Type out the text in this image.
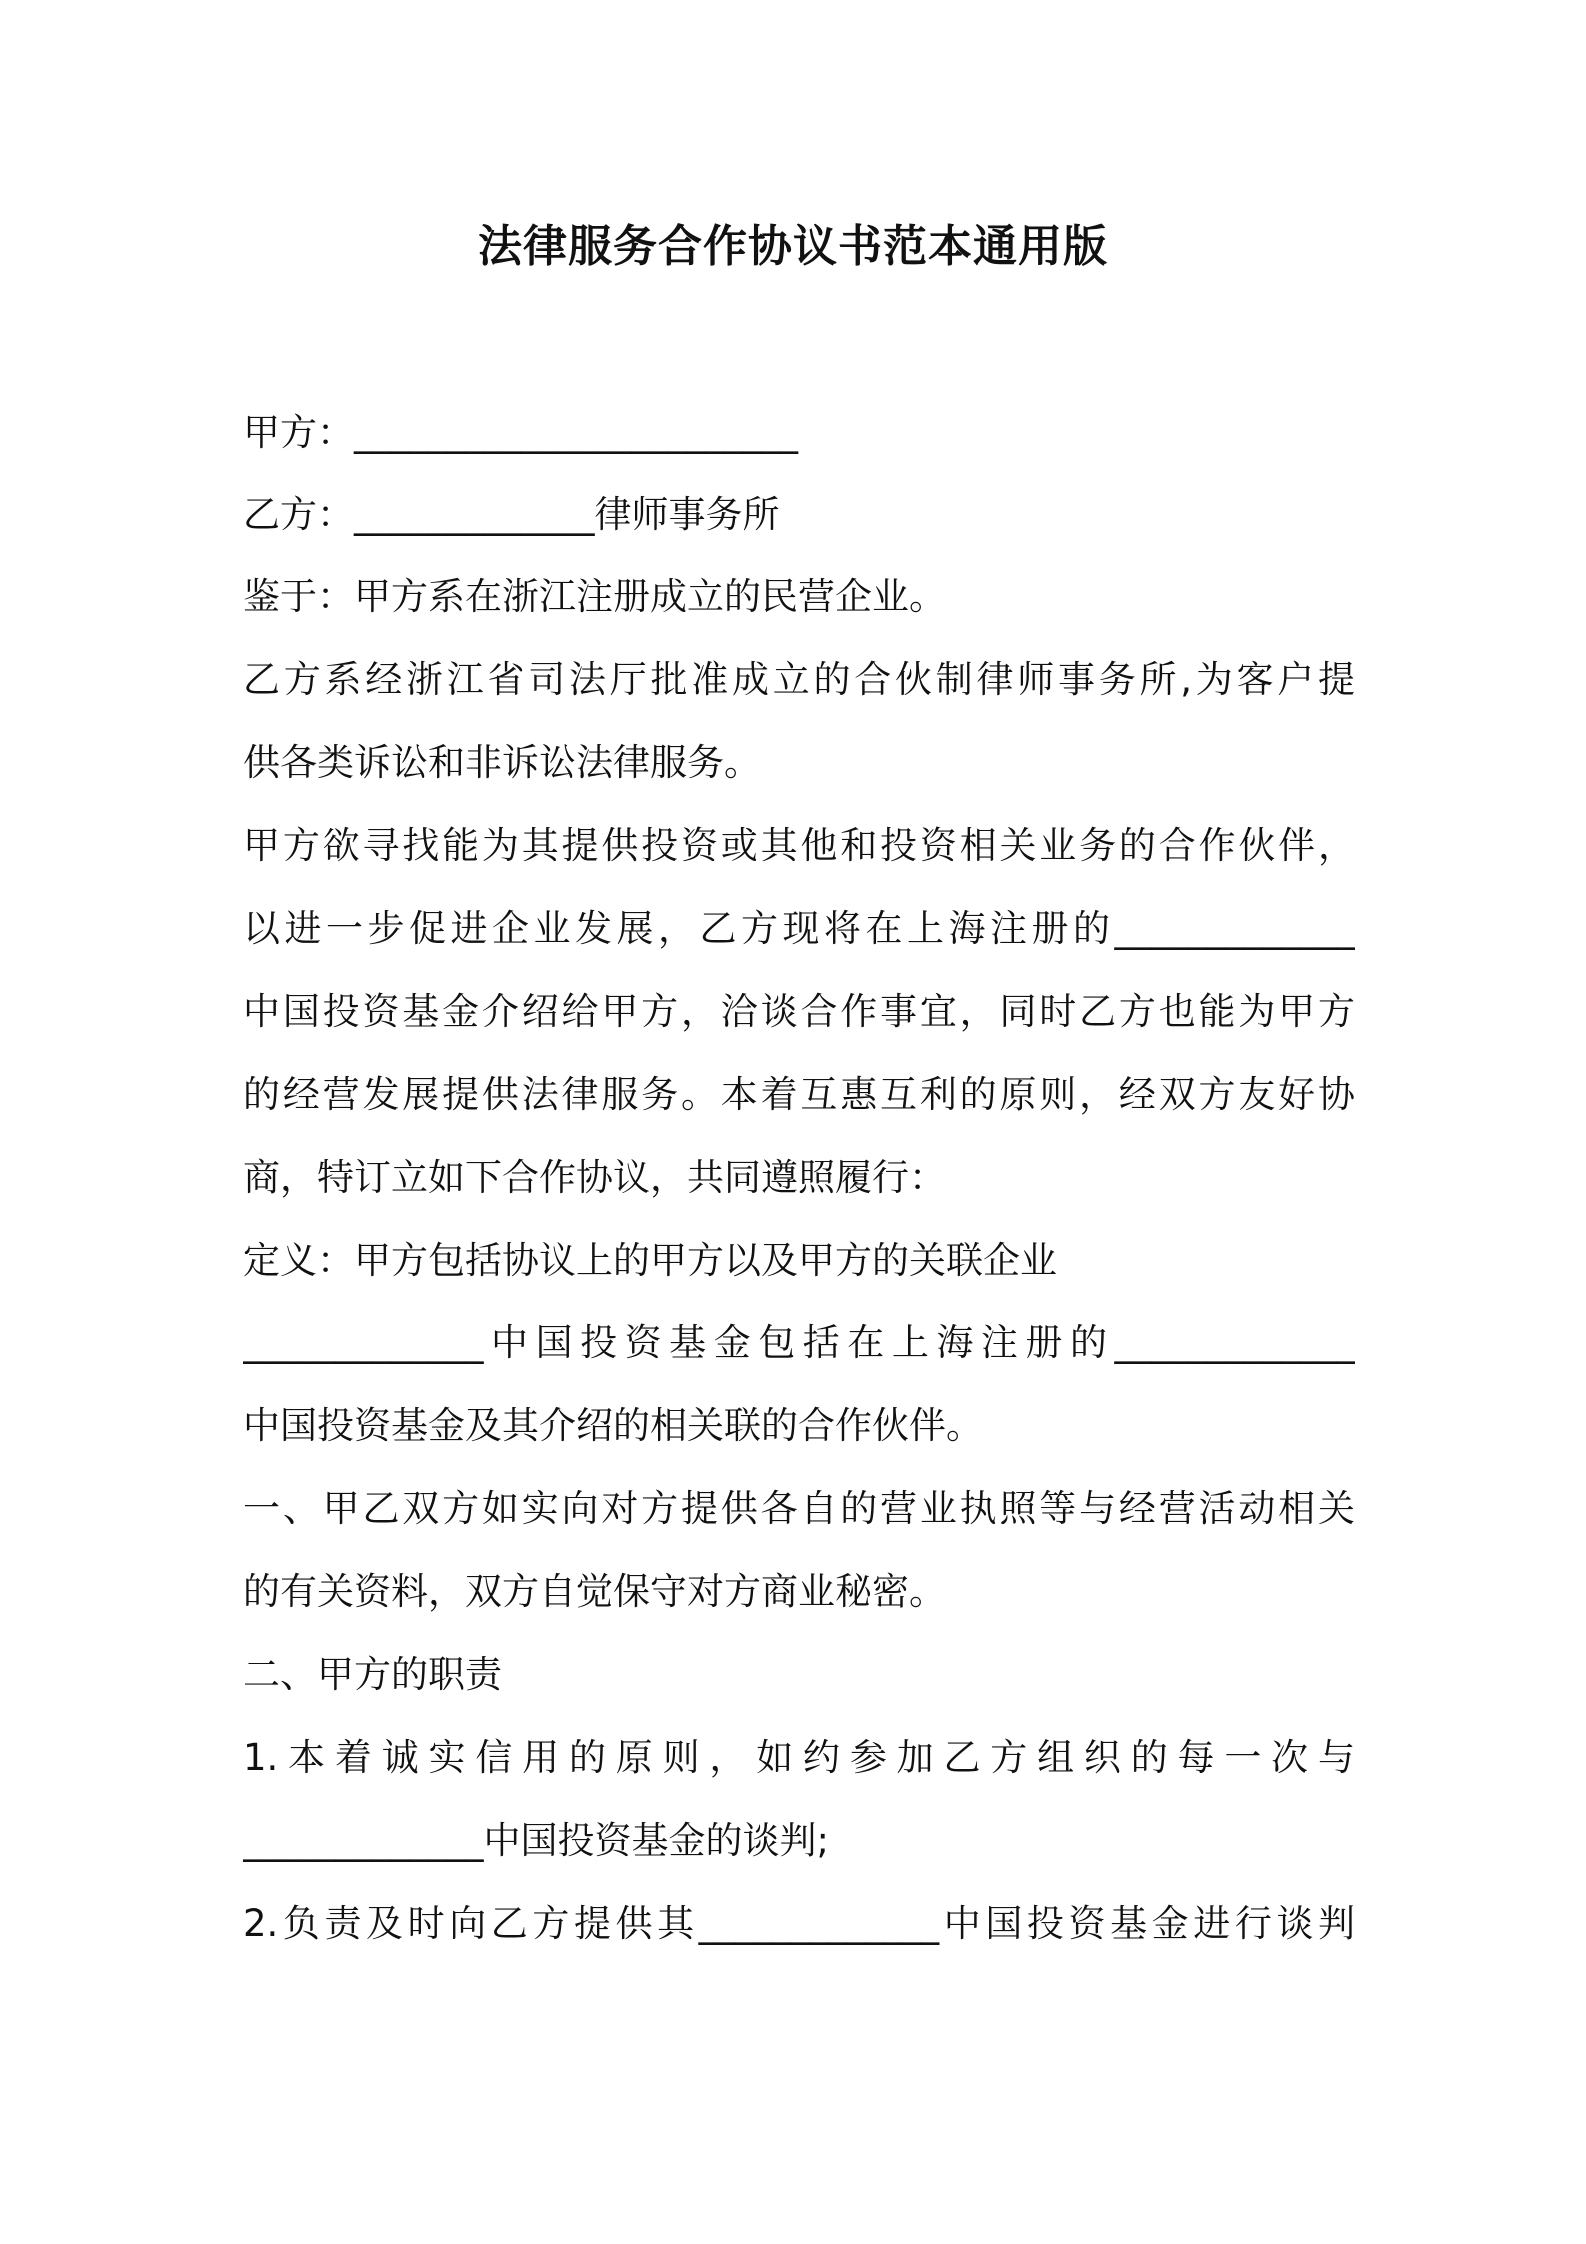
法律服务合作协议书范本通用版
甲方：________________________
乙方：_____________律师事务所
鉴于：甲方系在浙江注册成立的民营企业。
乙方系经浙江省司法厅批准成立的合伙制律师事务所,为客户提
供各类诉讼和非诉讼法律服务。
甲方欲寻找能为其提供投资或其他和投资相关业务的合作伙伴，
以进一步促进企业发展，乙方现将在上海注册的_____________
中国投资基金介绍给甲方，洽谈合作事宜，同时乙方也能为甲方
的经营发展提供法律服务。本着互惠互利的原则，经双方友好协
商，特订立如下合作协议，共同遵照履行：
定义：甲方包括协议上的甲方以及甲方的关联企业
_____________中国投资基金包括在上海注册的_____________
中国投资基金及其介绍的相关联的合作伙伴。
一、甲乙双方如实向对方提供各自的营业执照等与经营活动相关
的有关资料，双方自觉保守对方商业秘密。
二、甲方的职责
1.本着诚实信用的原则，如约参加乙方组织的每一次与
_____________中国投资基金的谈判;
2.负责及时向乙方提供其_____________中国投资基金进行谈判
